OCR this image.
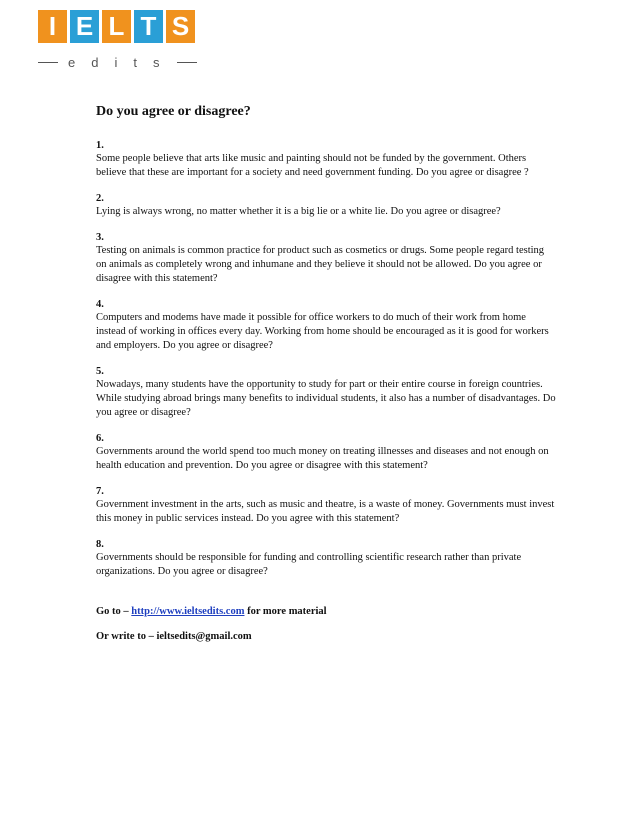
I E L T S
edits
Do you agree or disagree?
1.
Some people believe that arts like music and painting should not be funded by the government. Others believe that these are important for a society and need government funding. Do you agree or disagree ?
2.
Lying is always wrong, no matter whether it is a big lie or a white lie. Do you agree or disagree?
3.
Testing on animals is common practice for product such as cosmetics or drugs. Some people regard testing on animals as completely wrong and inhumane and they believe it should not be allowed. Do you agree or disagree with this statement?
4.
Computers and modems have made it possible for office workers to do much of their work from home instead of working in offices every day. Working from home should be encouraged as it is good for workers and employers. Do you agree or disagree?
5.
Nowadays, many students have the opportunity to study for part or their entire course in foreign countries. While studying abroad brings many benefits to individual students, it also has a number of disadvantages. Do you agree or disagree?
6.
Governments around the world spend too much money on treating illnesses and diseases and not enough on health education and prevention. Do you agree or disagree with this statement?
7.
Government investment in the arts, such as music and theatre, is a waste of money. Governments must invest this money in public services instead. Do you agree with this statement?
8.
Governments should be responsible for funding and controlling scientific research rather than private organizations. Do you agree or disagree?
Go to – http://www.ieltsedits.com for more material
Or write to – ieltsedits@gmail.com
